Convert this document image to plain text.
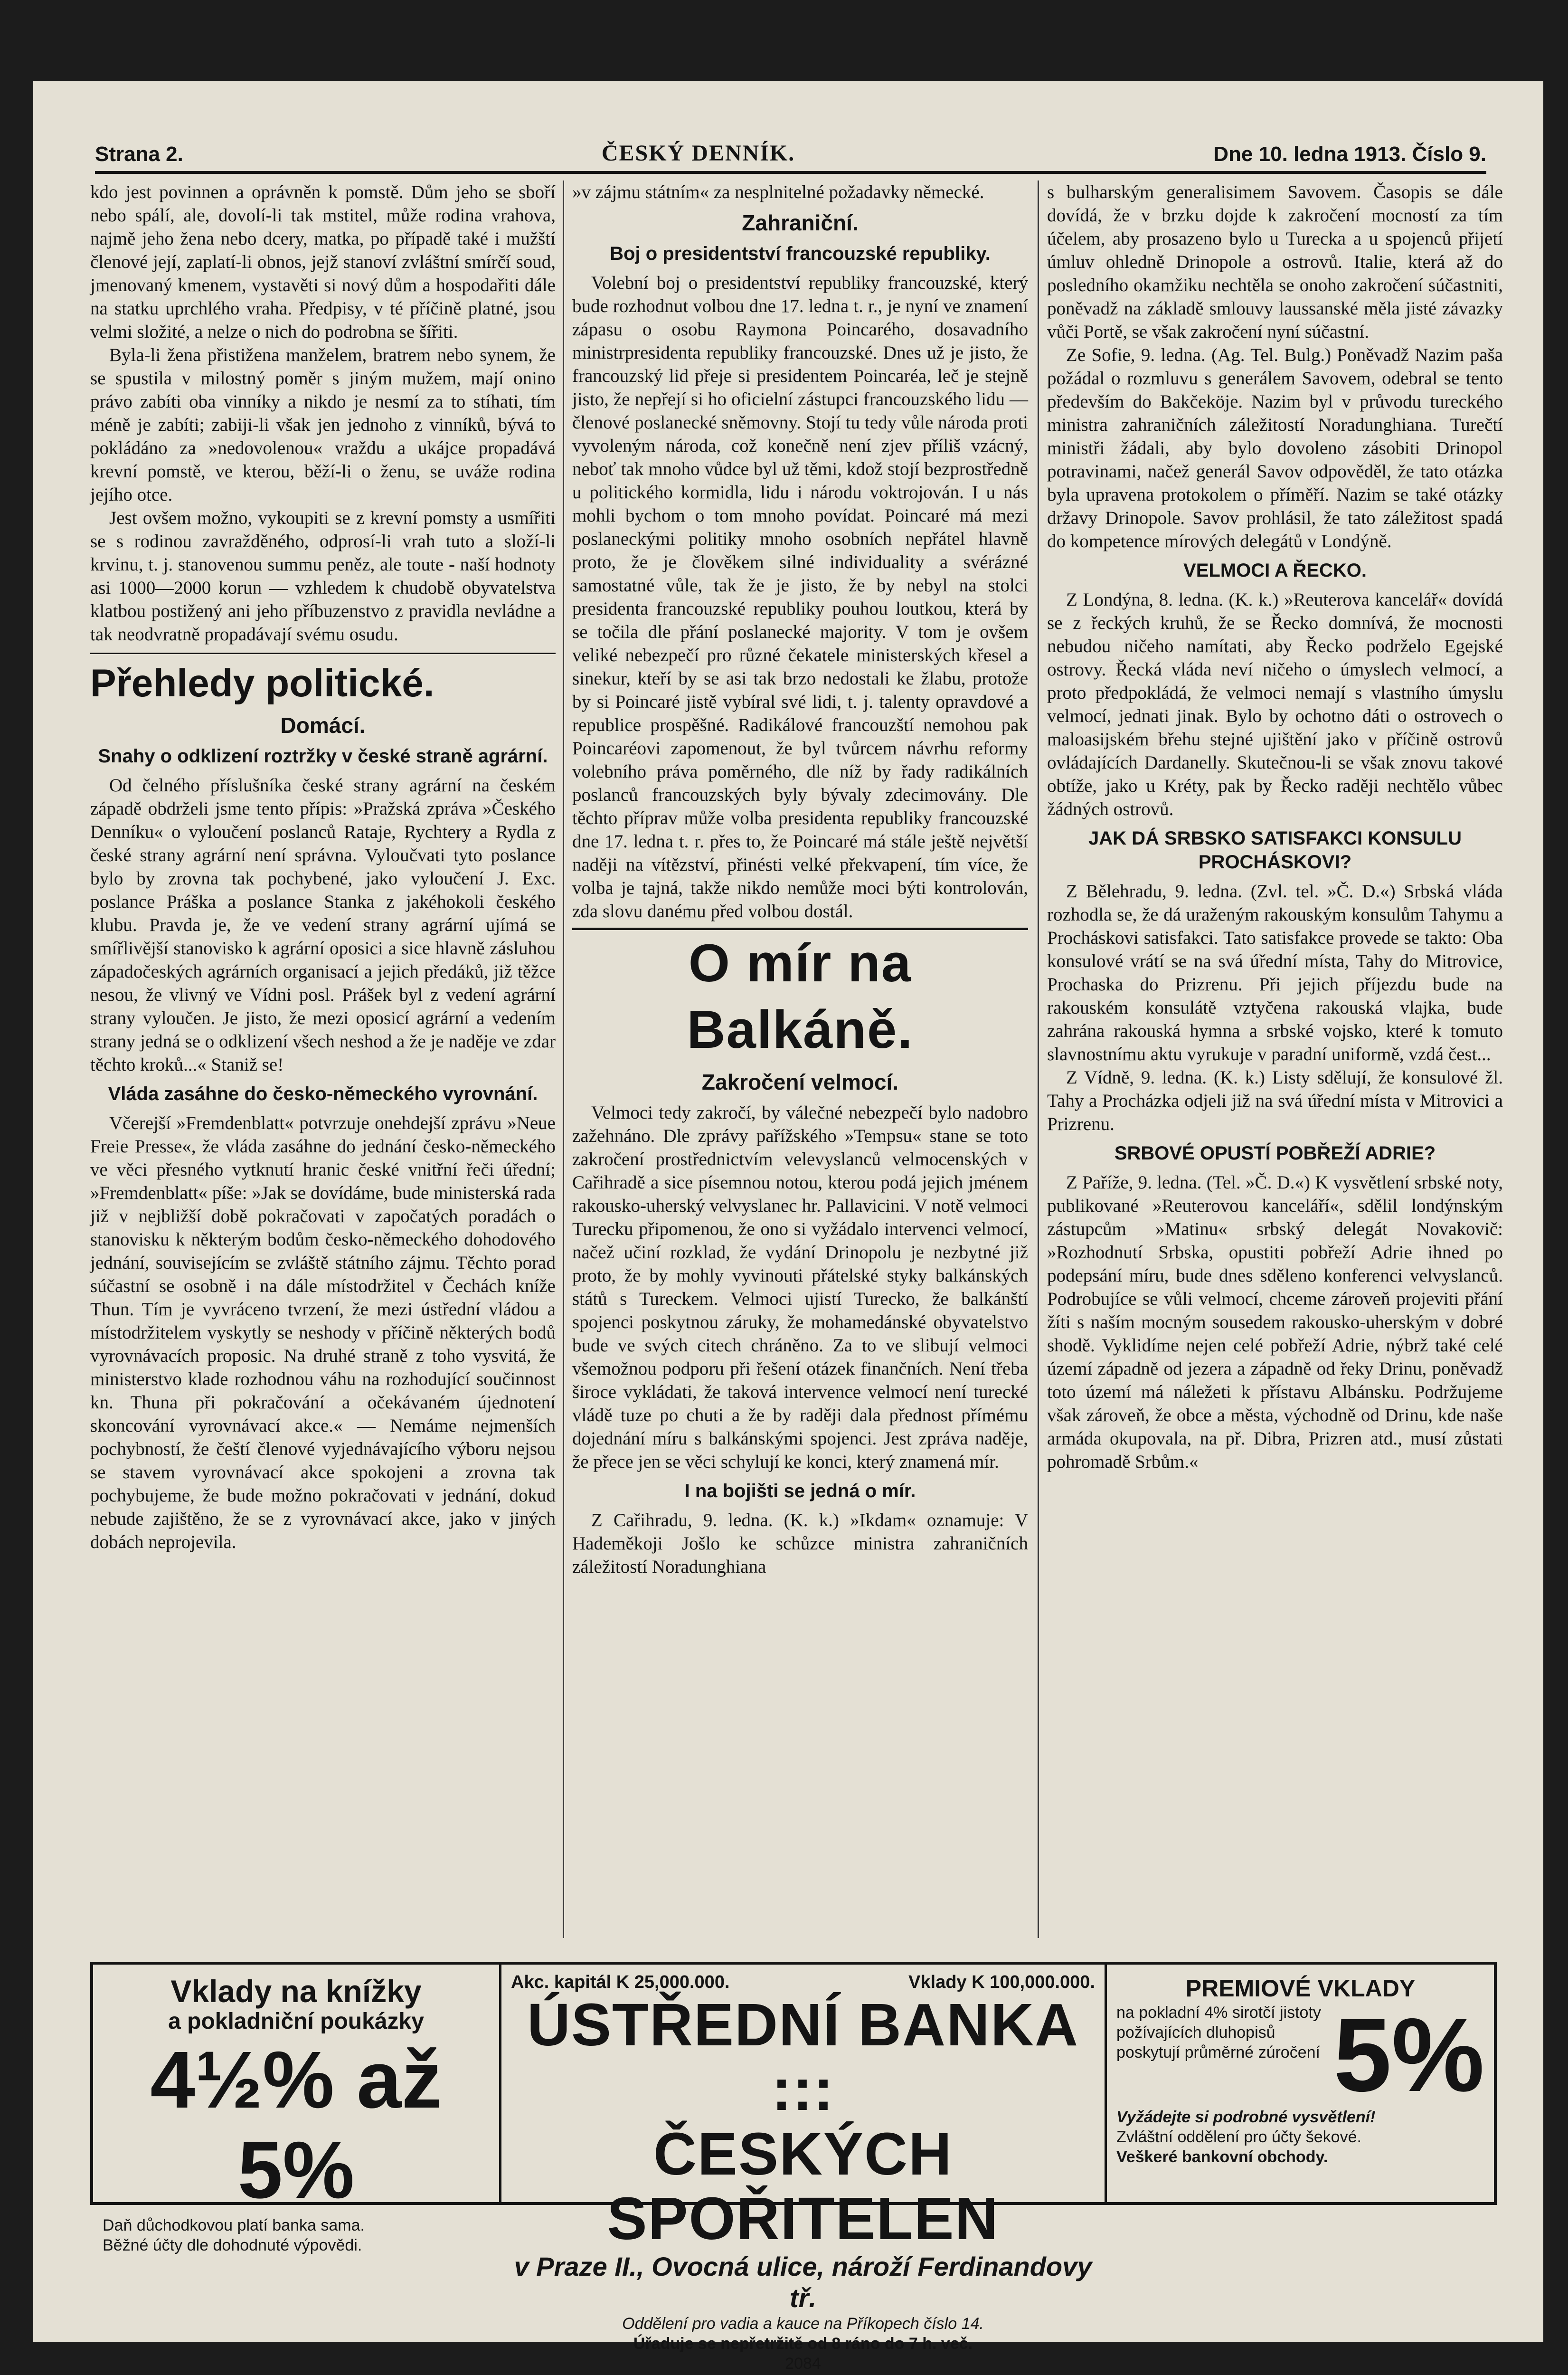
Strana 2.	ČESKÝ DENNÍK.	Dne 10. ledna 1913. Číslo 9.

kdo jest povinnen a oprávněn k pomstě. Dům jeho se sboří nebo spálí, ale, dovolí-li tak mstitel, může rodina vrahova, najmě jeho žena nebo dcery, matka, po případě také i mužští členové její, zaplatí-li obnos, jejž stanoví zvláštní smírčí soud, jmenovaný kmenem, vystavěti si nový dům a hospodařiti dále na statku uprchlého vraha. Předpisy, v té příčině platné, jsou velmi složité, a nelze o nich do podrobna se šířiti.

Byla-li žena přistižena manželem, bratrem nebo synem, že se spustila v milostný poměr s jiným mužem, mají onino právo zabíti oba vinníky a nikdo je nesmí za to stíhati, tím méně je zabíti; zabiji-li však jen jednoho z vinníků, bývá to pokládáno za »nedovolenou« vraždu a ukájce propadává krevní pomstě, ve kterou, běží-li o ženu, se uváže rodina jejího otce.

Jest ovšem možno, vykoupiti se z krevní pomsty a usmířiti se s rodinou zavražděného, odprosí-li vrah tuto a složí-li krvinu, t. j. stanovenou summu peněz, ale toute - naší hodnoty asi 1000—2000 korun — vzhledem k chudobě obyvatelstva klatbou postižený ani jeho příbuzenstvo z pravidla nevládne a tak neodvratně propadávají svému osudu.

Přehledy politické.
Domácí.
Snahy o odklizení roztržky v české straně agrární.

Od čelného příslušníka české strany agrární na českém západě obdrželi jsme tento přípis: »Pražská zpráva »Českého Denníku« o vyloučení poslanců Rataje, Rychtery a Rydla z české strany agrární není správna. Vyloučvati tyto poslance bylo by zrovna tak pochybené, jako vyloučení J. Exc. poslance Práška a poslance Stanka z jakéhokoli českého klubu. Pravda je, že ve vedení strany agrární ujímá se smířlivější stanovisko k agrární oposici a sice hlavně zásluhou západočeských agrárních organisací a jejich předáků, již těžce nesou, že vlivný ve Vídni posl. Prášek byl z vedení agrární strany vyloučen. Je jisto, že mezi oposicí agrární a vedením strany jedná se o odklizení všech neshod a že je naděje ve zdar těchto kroků...« Staniž se!

Vláda zasáhne do česko-německého vyrovnání.

Včerejší »Fremdenblatt« potvrzuje onehdejší zprávu »Neue Freie Presse«, že vláda zasáhne do jednání česko-německého ve věci přesného vytknutí hranic české vnitřní řeči úřední; »Fremdenblatt« píše: »Jak se dovídáme, bude ministerská rada již v nejbližší době pokračovati v započatých poradách o stanovisku k některým bodům česko-německého dohodového jednání, souvisejícím se zvláště státního zájmu. Těchto porad súčastní se osobně i na dále místodržitel v Čechách kníže Thun. Tím je vyvráceno tvrzení, že mezi ústřední vládou a místodržitelem vyskytly se neshody v příčině některých bodů vyrovnávacích proposic. Na druhé straně z toho vysvitá, že ministerstvo klade rozhodnou váhu na rozhodující součinnost kn. Thuna při pokračování a očekávaném újednotení skoncování vyrovnávací akce.« — Nemáme nejmenších pochybností, že čeští členové vyjednávajícího výboru nejsou se stavem vyrovnávací akce spokojeni a zrovna tak pochybujeme, že bude možno pokračovati v jednání, dokud nebude zajištěno, že se z vyrovnávací akce, jako v jiných dobách neprojevila.

»v zájmu státním« za nesplnitelné požadavky německé.

Zahraniční.
Boj o presidentství francouzské republiky.

Volební boj o presidentství republiky francouzské, který bude rozhodnut volbou dne 17. ledna t. r., je nyní ve znamení zápasu o osobu Raymona Poincarého, dosavadního ministrpresidenta republiky francouzské. Dnes už je jisto, že francouzský lid přeje si presidentem Poincaréa, leč je stejně jisto, že nepřejí si ho oficielní zástupci francouzského lidu — členové poslanecké sněmovny. Stojí tu tedy vůle národa proti vyvoleným národa, což konečně není zjev příliš vzácný, neboť tak mnoho vůdce byl už těmi, kdož stojí bezprostředně u politického kormidla, lidu i národu voktrojován. I u nás mohli bychom o tom mnoho povídat. Poincaré má mezi poslaneckými politiky mnoho osobních nepřátel hlavně proto, že je člověkem silné individuality a svérázné samostatné vůle, tak že je jisto, že by nebyl na stolci presidenta francouzské republiky pouhou loutkou, která by se točila dle přání poslanecké majority. V tom je ovšem veliké nebezpečí pro různé čekatele ministerských křesel a sinekur, kteří by se asi tak brzo nedostali ke žlabu, protože by si Poincaré jistě vybíral své lidi, t. j. talenty opravdové a republice prospěšné. Radikálové francouzští nemohou pak Poincaréovi zapomenout, že byl tvůrcem návrhu reformy volebního práva poměrného, dle níž by řady radikálních poslanců francouzských byly bývaly zdecimovány. Dle těchto příprav může volba presidenta republiky francouzské dne 17. ledna t. r. přes to, že Poincaré má stále ještě největší naději na vítězství, přinésti velké překvapení, tím více, že volba je tajná, takže nikdo nemůže moci býti kontrolován, zda slovu danému před volbou dostál.

O mír na Balkáně.
Zakročení velmocí.

Velmoci tedy zakročí, by válečné nebezpečí bylo nadobro zažehnáno. Dle zprávy pařížského »Tempsu« stane se toto zakročení prostřednictvím velevyslanců velmocenských v Cařihradě a sice písemnou notou, kterou podá jejich jménem rakousko-uherský velvyslanec hr. Pallavicini. V notě velmoci Turecku připomenou, že ono si vyžádalo intervenci velmocí, načež učiní rozklad, že vydání Drinopolu je nezbytné již proto, že by mohly vyvinouti přátelské styky balkánských států s Tureckem. Velmoci ujistí Turecko, že balkánští spojenci poskytnou záruky, že mohamedánské obyvatelstvo bude ve svých citech chráněno. Za to ve slibují velmoci všemožnou podporu při řešení otázek finančních. Není třeba široce vykládati, že taková intervence velmocí není turecké vládě tuze po chuti a že by raději dala přednost přímému dojednání míru s balkánskými spojenci. Jest zpráva naděje, že přece jen se věci schylují ke konci, který znamená mír.

I na bojišti se jedná o mír.

Z Cařihradu, 9. ledna. (K. k.) »Ikdam« oznamuje: V Hademěkoji Jošlo ke schůzce ministra zahraničních záležitostí Noradunghiana

s bulharským generalisimem Savovem. Časopis se dále dovídá, že v brzku dojde k zakročení mocností za tím účelem, aby prosazeno bylo u Turecka a u spojenců přijetí úmluv ohledně Drinopole a ostrovů. Italie, která až do posledního okamžiku nechtěla se onoho zakročení súčastniti, poněvadž na základě smlouvy laussanské měla jisté závazky vůči Portě, se však zakročení nyní súčastní.

Ze Sofie, 9. ledna. (Ag. Tel. Bulg.) Poněvadž Nazim paša požádal o rozmluvu s generálem Savovem, odebral se tento především do Bakčeköje. Nazim byl v průvodu tureckého ministra zahraničních záležitostí Noradunghiana. Turečtí ministři žádali, aby bylo dovoleno zásobiti Drinopol potravinami, načež generál Savov odpověděl, že tato otázka byla upravena protokolem o příměří. Nazim se také otázky državy Drinopole. Savov prohlásil, že tato záležitost spadá do kompetence mírových delegátů v Londýně.

VELMOCI A ŘECKO.

Z Londýna, 8. ledna. (K. k.) »Reuterova kancelář« dovídá se z řeckých kruhů, že se Řecko domnívá, že mocnosti nebudou ničeho namítati, aby Řecko podrželo Egejské ostrovy. Řecká vláda neví ničeho o úmyslech velmocí, a proto předpokládá, že velmoci nemají s vlastního úmyslu velmocí, jednati jinak. Bylo by ochotno dáti o ostrovech o maloasijském břehu stejné ujištění jako v příčině ostrovů ovládajících Dardanelly. Skutečnou-li se však znovu takové obtíže, jako u Kréty, pak by Řecko raději nechtělo vůbec žádných ostrovů.

JAK DÁ SRBSKO SATISFAKCI KONSULU PROCHÁSKOVI?

Z Bělehradu, 9. ledna. (Zvl. tel. »Č. D.«) Srbská vláda rozhodla se, že dá uraženým rakouským konsulům Tahymu a Procháskovi satisfakci. Tato satisfakce provede se takto: Oba konsulové vrátí se na svá úřední místa, Tahy do Mitrovice, Prochaska do Prizrenu. Při jejich příjezdu bude na rakouském konsulátě vztyčena rakouská vlajka, bude zahrána rakouská hymna a srbské vojsko, které k tomuto slavnostnímu aktu vyrukuje v paradní uniformě, vzdá čest...

Z Vídně, 9. ledna. (K. k.) Listy sdělují, že konsulové žl. Tahy a Procházka odjeli již na svá úřední místa v Mitrovici a Prizrenu.

SRBOVÉ OPUSTÍ POBŘEŽÍ ADRIE?

Z Paříže, 9. ledna. (Tel. »Č. D.«) K vysvětlení srbské noty, publikované »Reuterovou kanceláří«, sdělil londýnským zástupcům »Matinu« srbský delegát Novakovič: »Rozhodnutí Srbska, opustiti pobřeží Adrie ihned po podepsání míru, bude dnes sděleno konferenci velvyslanců. Podrobujíce se vůli velmocí, chceme zároveň projeviti přání žíti s naším mocným sousedem rakousko-uherským v dobré shodě. Vyklidíme nejen celé pobřeží Adrie, nýbrž také celé území západně od jezera a západně od řeky Drinu, poněvadž toto území má náležeti k přístavu Albánsku. Podržujeme však zároveň, že obce a města, východně od Drinu, kde naše armáda okupovala, na př. Dibra, Prizren atd., musí zůstati pohromadě Srbům.«

Vklady na knížky
a pokladniční poukázky
4½% až 5%
Daň důchodkovou platí banka sama.
Běžné účty dle dohodnuté výpovědi.
Akc. kapitál K 25,000.000.	Vklady K 100,000.000.
ÚSTŘEDNÍ BANKA :::
ČESKÝCH SPOŘITELEN
v Praze II., Ovocná ulice, nároží Ferdinandovy tř.
Oddělení pro vadia a kauce na Příkopech číslo 14.
Úřaduje se nepřetržitě od 8 ráno do 7 h. več.
2084
PREMIOVÉ VKLADY
5%
na pokladní 4% sirotčí jistoty požívajících dluhopisů poskytují průměrné zúročení
Vyžádejte si podrobné vysvětlení!
Zvláštní oddělení pro účty šekové.
Veškeré bankovní obchody.
